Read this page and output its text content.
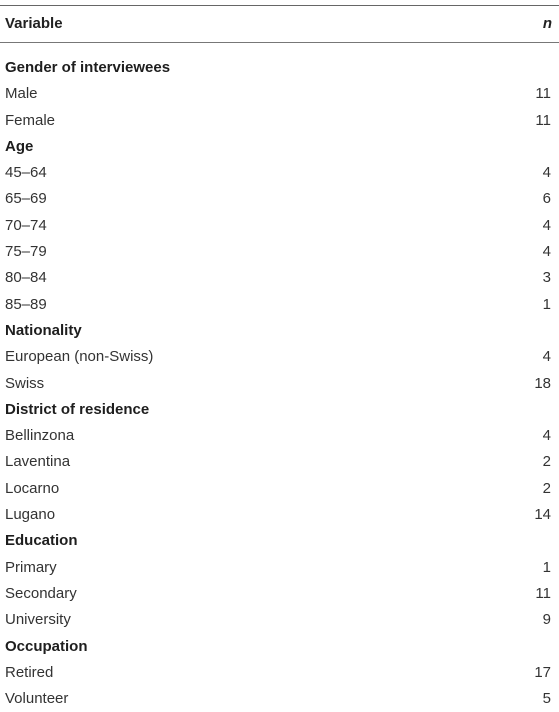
Variable	n
Gender of interviewees
Male	11
Female	11
Age
45–64	4
65–69	6
70–74	4
75–79	4
80–84	3
85–89	1
Nationality
European (non-Swiss)	4
Swiss	18
District of residence
Bellinzona	4
Laventina	2
Locarno	2
Lugano	14
Education
Primary	1
Secondary	11
University	9
Occupation
Retired	17
Volunteer	5
